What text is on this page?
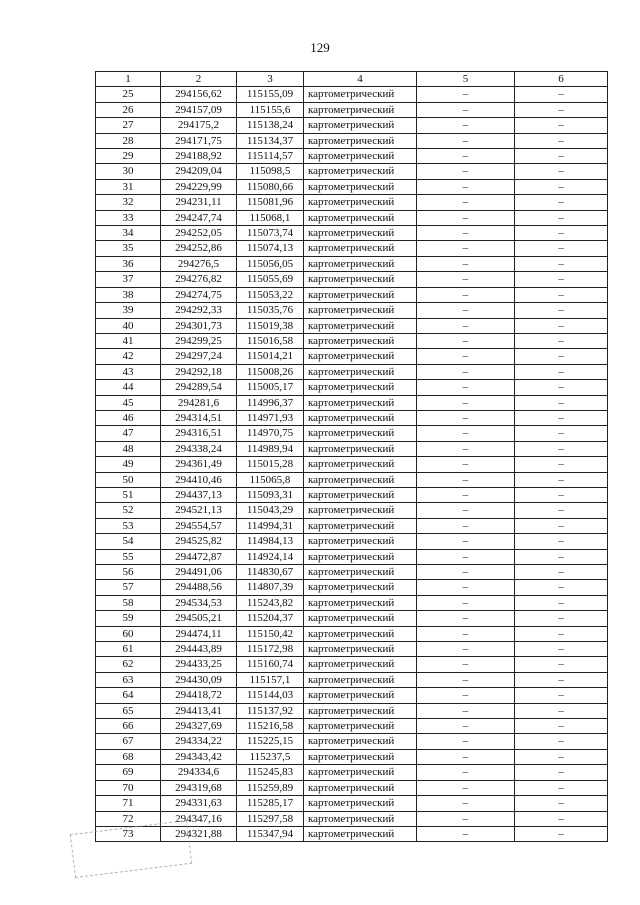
129
1	2	3	4	5	6
25	294156,62	115155,09	картометрический	–	–
26	294157,09	115155,6	картометрический	–	–
27	294175,2	115138,24	картометрический	–	–
28	294171,75	115134,37	картометрический	–	–
29	294188,92	115114,57	картометрический	–	–
30	294209,04	115098,5	картометрический	–	–
31	294229,99	115080,66	картометрический	–	–
32	294231,11	115081,96	картометрический	–	–
33	294247,74	115068,1	картометрический	–	–
34	294252,05	115073,74	картометрический	–	–
35	294252,86	115074,13	картометрический	–	–
36	294276,5	115056,05	картометрический	–	–
37	294276,82	115055,69	картометрический	–	–
38	294274,75	115053,22	картометрический	–	–
39	294292,33	115035,76	картометрический	–	–
40	294301,73	115019,38	картометрический	–	–
41	294299,25	115016,58	картометрический	–	–
42	294297,24	115014,21	картометрический	–	–
43	294292,18	115008,26	картометрический	–	–
44	294289,54	115005,17	картометрический	–	–
45	294281,6	114996,37	картометрический	–	–
46	294314,51	114971,93	картометрический	–	–
47	294316,51	114970,75	картометрический	–	–
48	294338,24	114989,94	картометрический	–	–
49	294361,49	115015,28	картометрический	–	–
50	294410,46	115065,8	картометрический	–	–
51	294437,13	115093,31	картометрический	–	–
52	294521,13	115043,29	картометрический	–	–
53	294554,57	114994,31	картометрический	–	–
54	294525,82	114984,13	картометрический	–	–
55	294472,87	114924,14	картометрический	–	–
56	294491,06	114830,67	картометрический	–	–
57	294488,56	114807,39	картометрический	–	–
58	294534,53	115243,82	картометрический	–	–
59	294505,21	115204,37	картометрический	–	–
60	294474,11	115150,42	картометрический	–	–
61	294443,89	115172,98	картометрический	–	–
62	294433,25	115160,74	картометрический	–	–
63	294430,09	115157,1	картометрический	–	–
64	294418,72	115144,03	картометрический	–	–
65	294413,41	115137,92	картометрический	–	–
66	294327,69	115216,58	картометрический	–	–
67	294334,22	115225,15	картометрический	–	–
68	294343,42	115237,5	картометрический	–	–
69	294334,6	115245,83	картометрический	–	–
70	294319,68	115259,89	картометрический	–	–
71	294331,63	115285,17	картометрический	–	–
72	294347,16	115297,58	картометрический	–	–
73	294321,88	115347,94	картометрический	–	–
